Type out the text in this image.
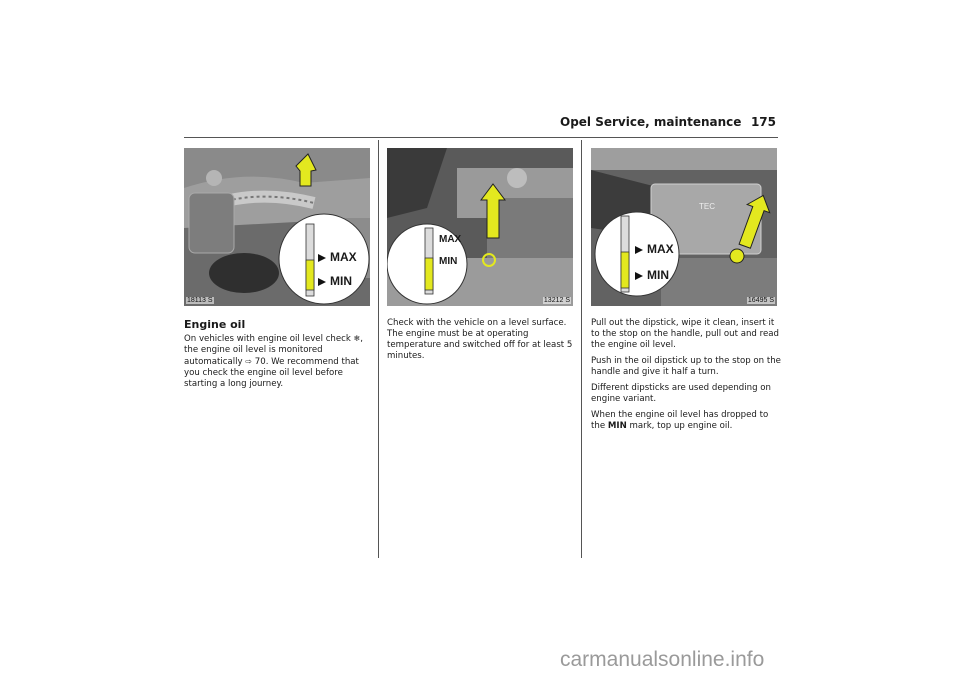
Opel Service, maintenance 175
MAX
MIN
18113 S
MAX
MIN
13212 S
TEC
MAX
MIN
16495 S
Engine oil

On vehicles with engine oil level check ❄, the engine oil level is monitored automatically ⇨ 70. We recommend that you check the engine oil level before starting a long journey.

Check with the vehicle on a level surface. The engine must be at operating temperature and switched off for at least 5 minutes.

Pull out the dipstick, wipe it clean, insert it to the stop on the handle, pull out and read the engine oil level.

Push in the oil dipstick up to the stop on the handle and give it half a turn.

Different dipsticks are used depending on engine variant.

When the engine oil level has dropped to the MIN mark, top up engine oil.

carmanualsonline.info
